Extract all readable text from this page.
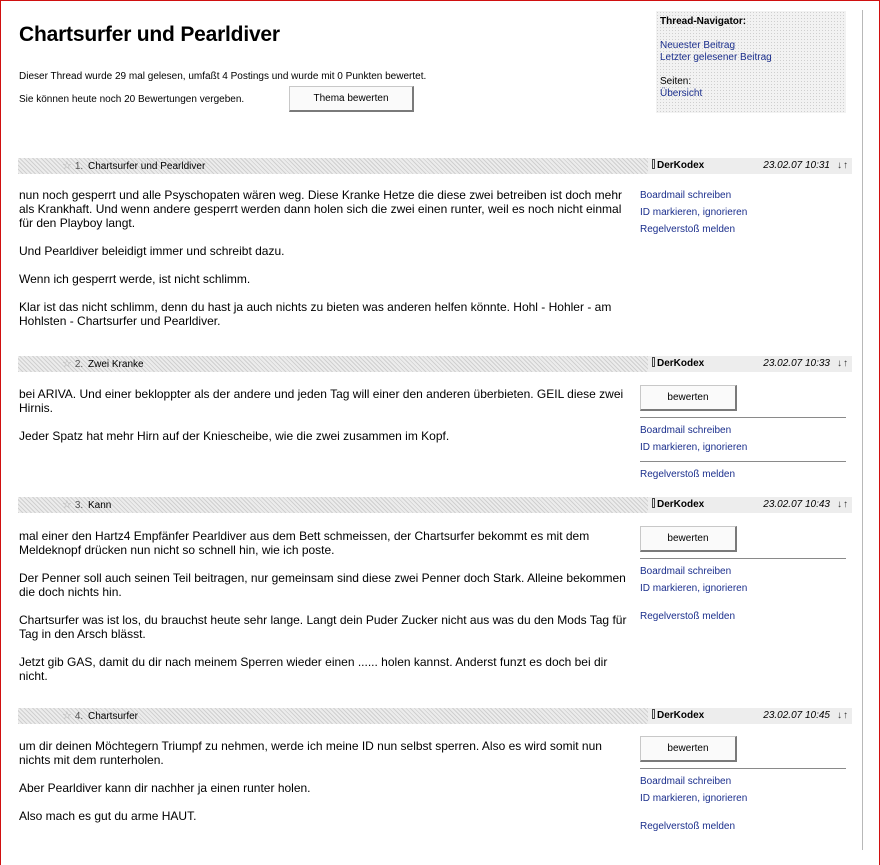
Chartsurfer und Pearldiver
Dieser Thread wurde 29 mal gelesen, umfaßt 4 Postings und wurde mit 0 Punkten bewertet.
Sie können heute noch 20 Bewertungen vergeben.	Thema bewerten
Thread-Navigator:
Neuester Beitrag
Letzter gelesener Beitrag
Seiten:
Übersicht
☆ 1. Chartsurfer und Pearldiver	DerKodex	23.02.07 10:31 ↓↑

nun noch gesperrt und alle Psyschopaten wären weg. Diese Kranke Hetze die diese zwei betreiben ist doch mehr als Krankhaft. Und wenn andere gesperrt werden dann holen sich die zwei einen runter, weil es noch nicht einmal für den Playboy langt.

Und Pearldiver beleidigt immer und schreibt dazu.

Wenn ich gesperrt werde, ist nicht schlimm.

Klar ist das nicht schlimm, denn du hast ja auch nichts zu bieten was anderen helfen könnte. Hohl - Hohler - am Hohlsten - Chartsurfer und Pearldiver.

Boardmail schreiben
ID markieren, ignorieren
Regelverstoß melden
☆ 2. Zwei Kranke	DerKodex	23.02.07 10:33 ↓↑

bei ARIVA. Und einer bekloppter als der andere und jeden Tag will einer den anderen überbieten. GEIL diese zwei Hirnis.

Jeder Spatz hat mehr Hirn auf der Kniescheibe, wie die zwei zusammen im Kopf.

bewerten
Boardmail schreiben
ID markieren, ignorieren
Regelverstoß melden
☆ 3. Kann	DerKodex	23.02.07 10:43 ↓↑

mal einer den Hartz4 Empfänfer Pearldiver aus dem Bett schmeissen, der Chartsurfer bekommt es mit dem Meldeknopf drücken nun nicht so schnell hin, wie ich poste.

Der Penner soll auch seinen Teil beitragen, nur gemeinsam sind diese zwei Penner doch Stark. Alleine bekommen die doch nichts hin.

Chartsurfer was ist los, du brauchst heute sehr lange. Langt dein Puder Zucker nicht aus was du den Mods Tag für Tag in den Arsch blässt.

Jetzt gib GAS, damit du dir nach meinem Sperren wieder einen ...... holen kannst. Anderst funzt es doch bei dir nicht.

bewerten
Boardmail schreiben
ID markieren, ignorieren
Regelverstoß melden
☆ 4. Chartsurfer	DerKodex	23.02.07 10:45 ↓↑

um dir deinen Möchtegern Triumpf zu nehmen, werde ich meine ID nun selbst sperren. Also es wird somit nun nichts mit dem runterholen.

Aber Pearldiver kann dir nachher ja einen runter holen.

Also mach es gut du arme HAUT.

bewerten
Boardmail schreiben
ID markieren, ignorieren
Regelverstoß melden
